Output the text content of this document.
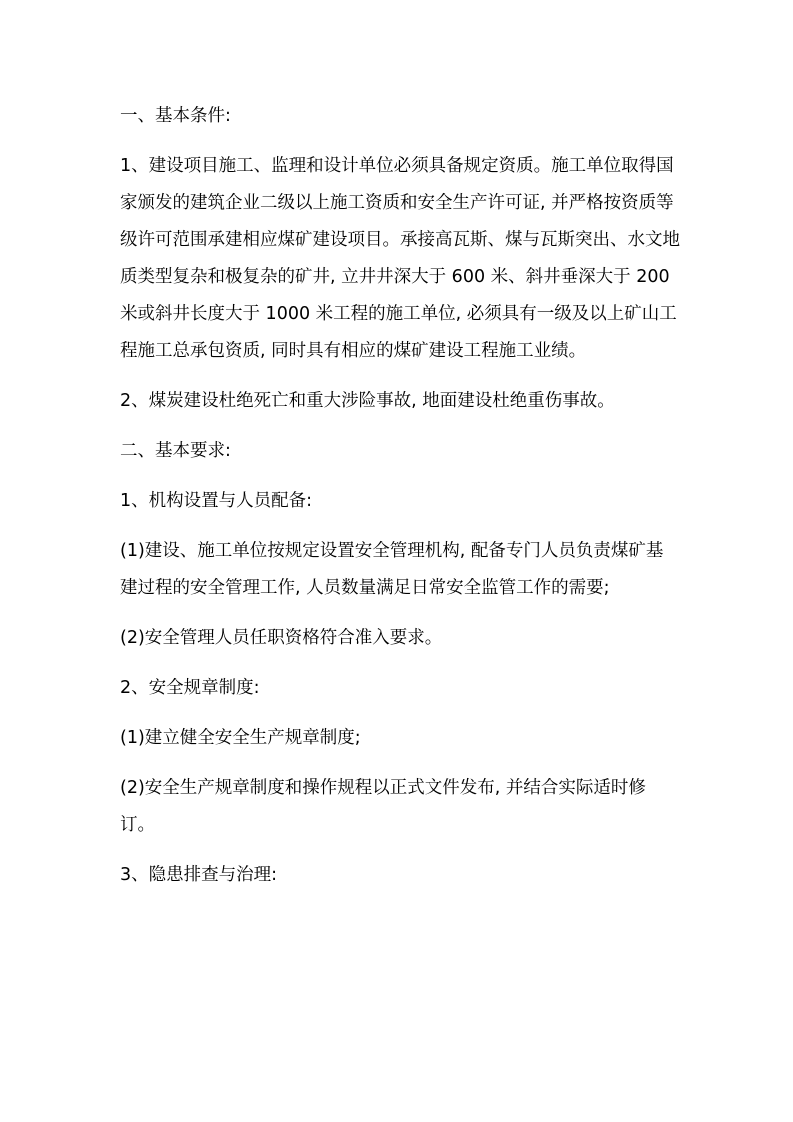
一、基本条件:

1、建设项目施工、监理和设计单位必须具备规定资质。施工单位取得国家颁发的建筑企业二级以上施工资质和安全生产许可证, 并严格按资质等级许可范围承建相应煤矿建设项目。承接高瓦斯、煤与瓦斯突出、水文地质类型复杂和极复杂的矿井, 立井井深大于 600 米、斜井垂深大于 200 米或斜井长度大于 1000 米工程的施工单位, 必须具有一级及以上矿山工程施工总承包资质, 同时具有相应的煤矿建设工程施工业绩。

2、煤炭建设杜绝死亡和重大涉险事故, 地面建设杜绝重伤事故。

二、基本要求:

1、机构设置与人员配备:

(1)建设、施工单位按规定设置安全管理机构, 配备专门人员负责煤矿基建过程的安全管理工作, 人员数量满足日常安全监管工作的需要;

(2)安全管理人员任职资格符合准入要求。

2、安全规章制度:

(1)建立健全安全生产规章制度;

(2)安全生产规章制度和操作规程以正式文件发布, 并结合实际适时修订。

3、隐患排查与治理:
